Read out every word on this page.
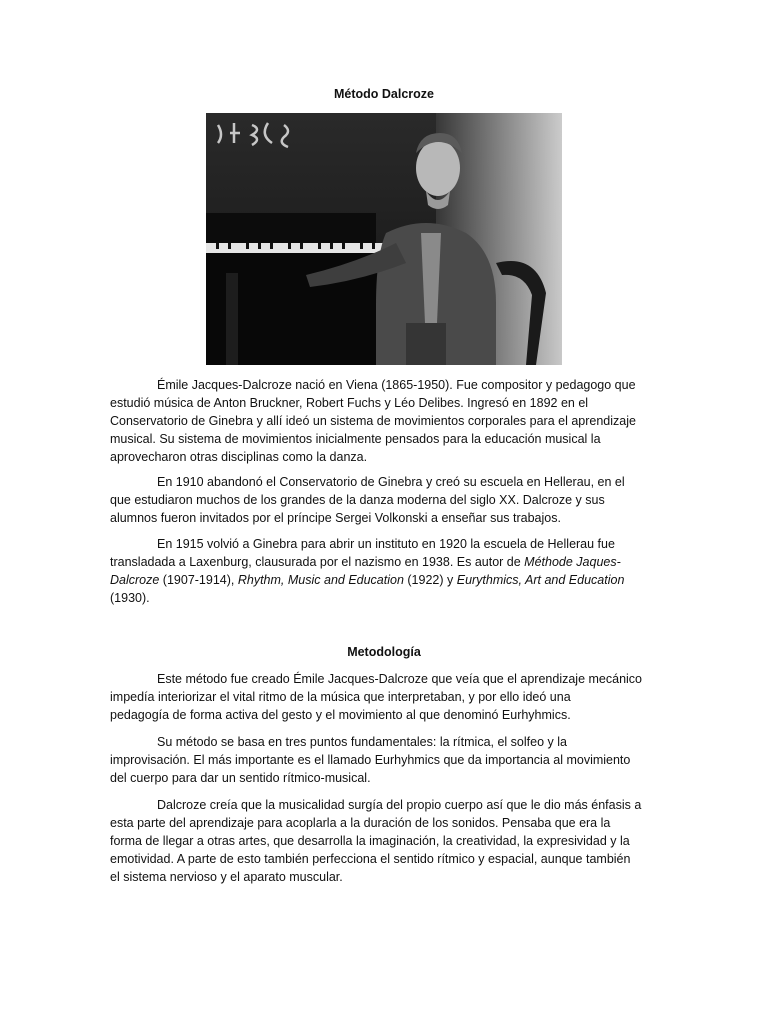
Método Dalcroze

Émile Jacques-Dalcroze nació en Viena (1865-1950). Fue compositor y pedagogo que
estudió música de Anton Bruckner, Robert Fuchs y Léo Delibes. Ingresó en 1892 en el
Conservatorio de Ginebra y allí ideó un sistema de movimientos corporales para el aprendizaje
musical. Su sistema de movimientos inicialmente pensados para la educación musical la
aprovecharon otras disciplinas como la danza.

En 1910 abandonó el Conservatorio de Ginebra y creó su escuela en Hellerau, en el
que estudiaron muchos de los grandes de la danza moderna del siglo XX. Dalcroze y sus
alumnos fueron invitados por el príncipe Sergei Volkonski a enseñar sus trabajos.

En 1915 volvió a Ginebra para abrir un instituto en 1920 la escuela de Hellerau fue
transladada a Laxenburg, clausurada por el nazismo en 1938. Es autor de Méthode Jaques-
Dalcroze (1907-1914), Rhythm, Music and Education (1922) y Eurythmics, Art and Education
(1930).

Metodología

Este método fue creado Émile Jacques-Dalcroze que veía que el aprendizaje mecánico
impedía interiorizar el vital ritmo de la música que interpretaban, y por ello ideó una
pedagogía de forma activa del gesto y el movimiento al que denominó Eurhyhmics.

Su método se basa en tres puntos fundamentales: la rítmica, el solfeo y la
improvisación. El más importante es el llamado Eurhyhmics que da importancia al movimiento
del cuerpo para dar un sentido rítmico-musical.

Dalcroze creía que la musicalidad surgía del propio cuerpo así que le dio más énfasis a
esta parte del aprendizaje para acoplarla a la duración de los sonidos. Pensaba que era la
forma de llegar a otras artes, que desarrolla la imaginación, la creatividad, la expresividad y la
emotividad. A parte de esto también perfecciona el sentido rítmico y espacial, aunque también
el sistema nervioso y el aparato muscular.
